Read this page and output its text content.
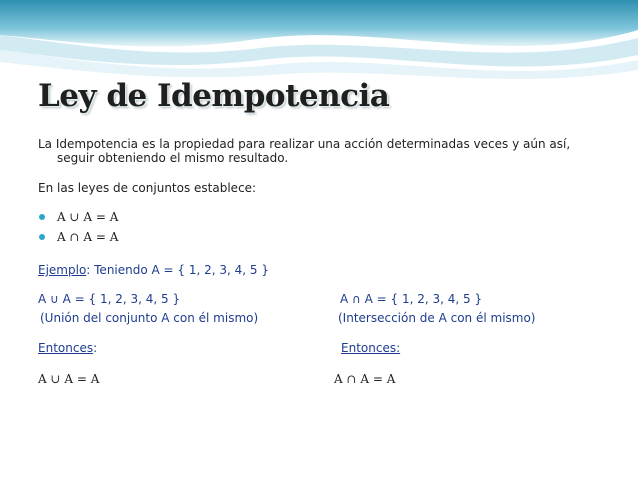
Ley de Idempotencia
La Idempotencia es la propiedad para realizar una acción determinadas veces y aún así,
seguir obteniendo el mismo resultado.
En las leyes de conjuntos establece:
A ∪ A = A
A ∩ A = A
Ejemplo: Teniendo A = { 1, 2, 3, 4, 5 }
A ∪ A = { 1, 2, 3, 4, 5 }	A ∩ A = { 1, 2, 3, 4, 5 }
(Unión del conjunto A con él mismo)	(Intersección de A con él mismo)
Entonces:	Entonces:
A ∪ A = A	A ∩ A = A
